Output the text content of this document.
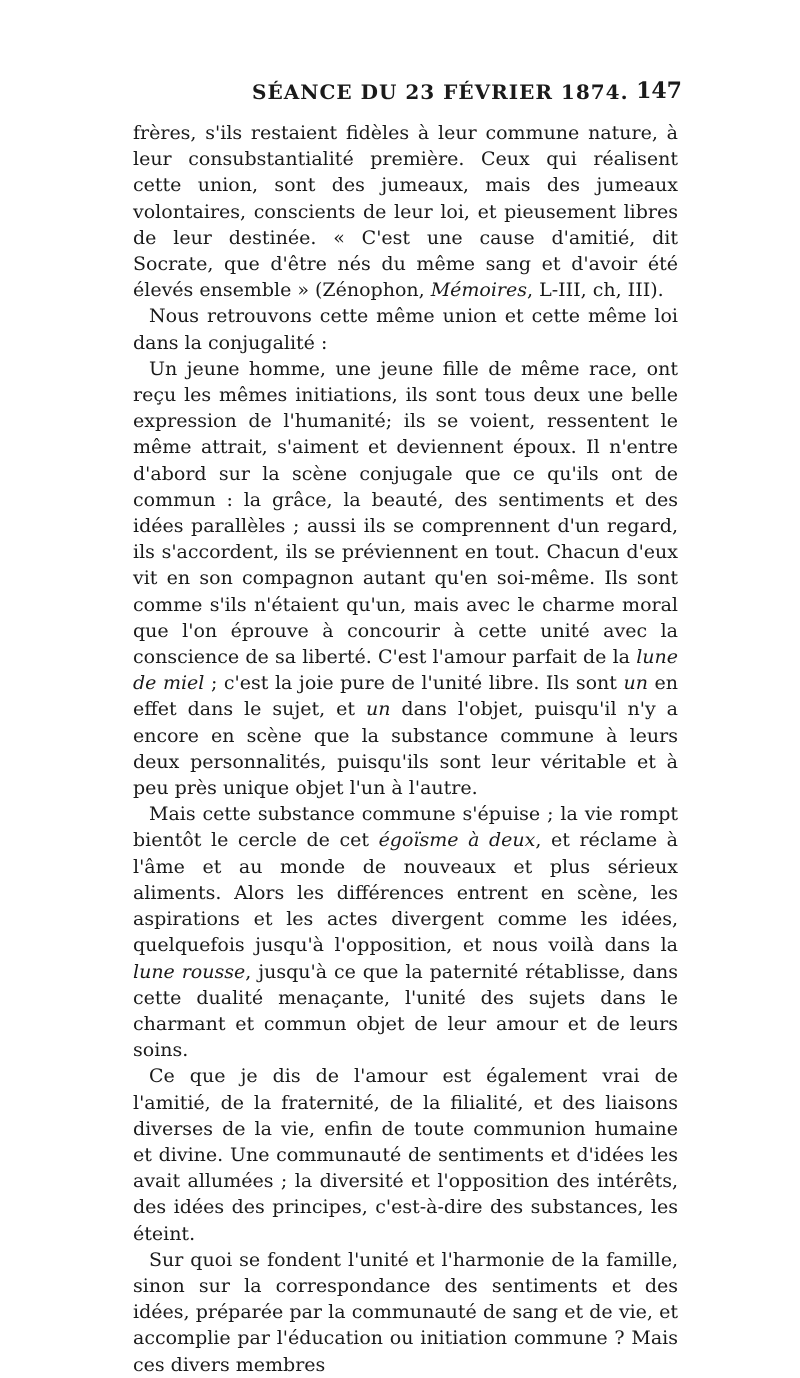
SÉANCE DU 23 FÉVRIER 1874. 147

frères, s'ils restaient fidèles à leur commune nature, à leur consubstantialité première. Ceux qui réalisent cette union, sont des jumeaux, mais des jumeaux volontaires, conscients de leur loi, et pieusement libres de leur destinée. « C'est une cause d'amitié, dit Socrate, que d'être nés du même sang et d'avoir été élevés ensemble » (Zénophon, Mémoires, L-III, ch, III).

Nous retrouvons cette même union et cette même loi dans la conjugalité :

Un jeune homme, une jeune fille de même race, ont reçu les mêmes initiations, ils sont tous deux une belle expression de l'humanité; ils se voient, ressentent le même attrait, s'aiment et deviennent époux. Il n'entre d'abord sur la scène conjugale que ce qu'ils ont de commun : la grâce, la beauté, des sentiments et des idées parallèles ; aussi ils se comprennent d'un regard, ils s'accordent, ils se préviennent en tout. Chacun d'eux vit en son compagnon autant qu'en soi-même. Ils sont comme s'ils n'étaient qu'un, mais avec le charme moral que l'on éprouve à concourir à cette unité avec la conscience de sa liberté. C'est l'amour parfait de la lune de miel ; c'est la joie pure de l'unité libre. Ils sont un en effet dans le sujet, et un dans l'objet, puisqu'il n'y a encore en scène que la substance commune à leurs deux personnalités, puisqu'ils sont leur véritable et à peu près unique objet l'un à l'autre.

Mais cette substance commune s'épuise ; la vie rompt bientôt le cercle de cet égoïsme à deux, et réclame à l'âme et au monde de nouveaux et plus sérieux aliments. Alors les différences entrent en scène, les aspirations et les actes divergent comme les idées, quelquefois jusqu'à l'opposition, et nous voilà dans la lune rousse, jusqu'à ce que la paternité rétablisse, dans cette dualité menaçante, l'unité des sujets dans le charmant et commun objet de leur amour et de leurs soins.

Ce que je dis de l'amour est également vrai de l'amitié, de la fraternité, de la filialité, et des liaisons diverses de la vie, enfin de toute communion humaine et divine. Une communauté de sentiments et d'idées les avait allumées ; la diversité et l'opposition des intérêts, des idées des principes, c'est-à-dire des substances, les éteint.

Sur quoi se fondent l'unité et l'harmonie de la famille, sinon sur la correspondance des sentiments et des idées, préparée par la communauté de sang et de vie, et accomplie par l'éducation ou initiation commune ? Mais ces divers membres
